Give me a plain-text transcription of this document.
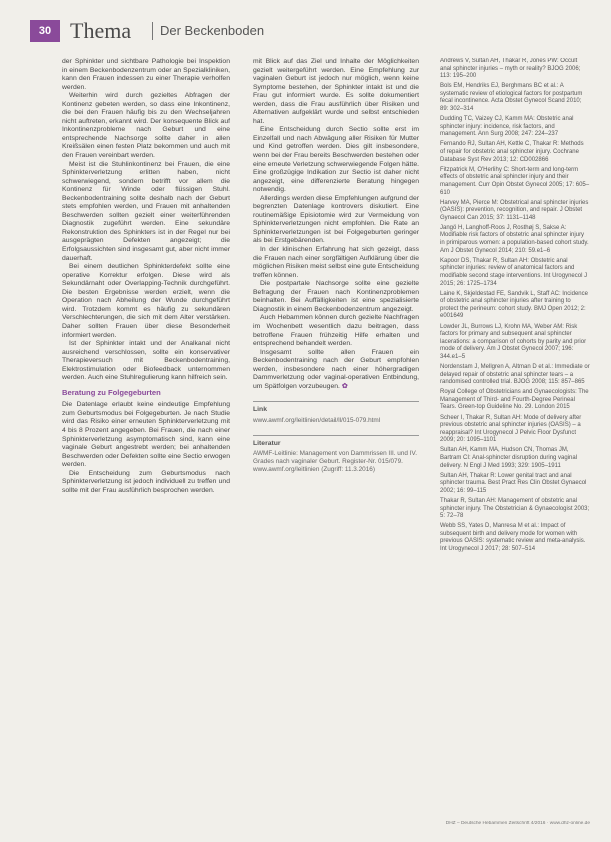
30 Thema Der Beckenboden

der Sphinkter und sichtbare Pathologie bei Inspektion in einem Beckenbodenzentrum oder an Spezialkliniken, kann den Frauen indessen zu einer Therapie verholfen werden.

Weiterhin wird durch gezieltes Abfragen der Kontinenz gebeten werden, so dass eine Inkontinenz, die bei den Frauen häufig bis zu den Wechseljahren nicht auftreten, erkannt wird. Der konsequente Blick auf Inkontinenzprobleme nach Geburt und eine entsprechende Nachsorge sollte daher in allen Kreißsälen einen festen Platz bekommen und auch mit den Frauen vereinbart werden.

Meist ist die Stuhlinkontinenz bei Frauen, die eine Sphinkterverletzung erlitten haben, nicht schwerwiegend, sondern betrifft vor allem die Kontinenz für Winde oder flüssigen Stuhl. Beckenbodentraining sollte deshalb nach der Geburt stets empfohlen werden, und Frauen mit anhaltenden Beschwerden sollten gezielt einer weiterführenden Diagnostik zugeführt werden. Eine sekundäre Rekonstruktion des Sphinkters ist in der Regel nur bei ausgeprägten Defekten angezeigt; die Erfolgsaussichten sind insgesamt gut, aber nicht immer dauerhaft.

Bei einem deutlichen Sphinkterdefekt sollte eine operative Korrektur erfolgen. Diese wird als Sekundärnaht oder Overlapping-Technik durchgeführt. Die besten Ergebnisse werden erzielt, wenn die Operation nach Abheilung der Wunde durchgeführt wird. Trotzdem kommt es häufig zu sekundären Verschlechterungen, die sich mit dem Alter verstärken. Daher sollten Frauen über diese Besonderheit informiert werden.

Ist der Sphinkter intakt und der Analkanal nicht ausreichend verschlossen, sollte ein konservativer Therapieversuch mit Beckenbodentraining, Elektrostimulation oder Biofeedback unternommen werden. Auch eine Stuhlregulierung kann hilfreich sein.

Beratung zu Folgegeburten

Die Datenlage erlaubt keine eindeutige Empfehlung zum Geburtsmodus bei Folgegeburten. Je nach Studie wird das Risiko einer erneuten Sphinkterverletzung mit 4 bis 8 Prozent angegeben. Bei Frauen, die nach einer Sphinkterverletzung asymptomatisch sind, kann eine vaginale Geburt angestrebt werden; bei anhaltenden Beschwerden oder Defekten sollte eine Sectio erwogen werden.

Die Entscheidung zum Geburtsmodus nach Sphinkterverletzung ist jedoch individuell zu treffen und sollte mit der Frau ausführlich besprochen werden.

mit Blick auf das Ziel und Inhalte der Möglichkeiten gezielt weitergeführt werden. Eine Empfehlung zur vaginalen Geburt ist jedoch nur möglich, wenn keine Symptome bestehen, der Sphinkter intakt ist und die Frau gut informiert wurde. Es sollte dokumentiert werden, dass die Frau ausführlich über Risiken und Alternativen aufgeklärt wurde und selbst entschieden hat.

Eine Entscheidung durch Sectio sollte erst im Einzelfall und nach Abwägung aller Risiken für Mutter und Kind getroffen werden. Dies gilt insbesondere, wenn bei der Frau bereits Beschwerden bestehen oder eine erneute Verletzung schwerwiegende Folgen hätte. Eine großzügige Indikation zur Sectio ist daher nicht angezeigt, eine differenzierte Beratung hingegen notwendig.

Allerdings werden diese Empfehlungen aufgrund der begrenzten Datenlage kontrovers diskutiert. Eine routinemäßige Episiotomie wird zur Vermeidung von Sphinkterverletzungen nicht empfohlen. Die Rate an Sphinkterverletzungen ist bei Folgegeburten geringer als bei Erstgebärenden.

In der klinischen Erfahrung hat sich gezeigt, dass die Frauen nach einer sorgfältigen Aufklärung über die möglichen Risiken meist selbst eine gute Entscheidung treffen können.

Die postpartale Nachsorge sollte eine gezielte Befragung der Frauen nach Kontinenzproblemen beinhalten. Bei Auffälligkeiten ist eine spezialisierte Diagnostik in einem Beckenbodenzentrum angezeigt.

Auch Hebammen können durch gezielte Nachfragen im Wochenbett wesentlich dazu beitragen, dass betroffene Frauen frühzeitig Hilfe erhalten und entsprechend behandelt werden.

Insgesamt sollte allen Frauen ein Beckenbodentraining nach der Geburt empfohlen werden, insbesondere nach einer höhergradigen Dammverletzung oder vaginal-operativen Entbindung, um Spätfolgen vorzubeugen. ✿

Link
www.awmf.org/leitlinien/detail/ll/015-079.html
Literatur
AWMF-Leitlinie: Management von Dammrissen III. und IV. Grades nach vaginaler Geburt. Register-Nr. 015/079. www.awmf.org/leitlinien (Zugriff: 11.3.2016)
Andrews V, Sultan AH, Thakar R, Jones PW: Occult anal sphincter injuries – myth or reality? BJOG 2006; 113: 195–200
Bols EM, Hendriks EJ, Berghmans BC et al.: A systematic review of etiological factors for postpartum fecal incontinence. Acta Obstet Gynecol Scand 2010; 89: 302–314
Dudding TC, Vaizey CJ, Kamm MA: Obstetric anal sphincter injury: incidence, risk factors, and management. Ann Surg 2008; 247: 224–237
Fernando RJ, Sultan AH, Kettle C, Thakar R: Methods of repair for obstetric anal sphincter injury. Cochrane Database Syst Rev 2013; 12: CD002866
Fitzpatrick M, O'Herlihy C: Short-term and long-term effects of obstetric anal sphincter injury and their management. Curr Opin Obstet Gynecol 2005; 17: 605–610
Harvey MA, Pierce M: Obstetrical anal sphincter injuries (OASIS): prevention, recognition, and repair. J Obstet Gynaecol Can 2015; 37: 1131–1148
Jangö H, Langhoff-Roos J, Rosthøj S, Sakse A: Modifiable risk factors of obstetric anal sphincter injury in primiparous women: a population-based cohort study. Am J Obstet Gynecol 2014; 210: 59.e1–6
Kapoor DS, Thakar R, Sultan AH: Obstetric anal sphincter injuries: review of anatomical factors and modifiable second stage interventions. Int Urogynecol J 2015; 26: 1725–1734
Laine K, Skjeldestad FE, Sandvik L, Staff AC: Incidence of obstetric anal sphincter injuries after training to protect the perineum: cohort study. BMJ Open 2012; 2: e001649
Lowder JL, Burrows LJ, Krohn MA, Weber AM: Risk factors for primary and subsequent anal sphincter lacerations: a comparison of cohorts by parity and prior mode of delivery. Am J Obstet Gynecol 2007; 196: 344.e1–5
Nordenstam J, Mellgren A, Altman D et al.: Immediate or delayed repair of obstetric anal sphincter tears – a randomised controlled trial. BJOG 2008; 115: 857–865
Royal College of Obstetricians and Gynaecologists: The Management of Third- and Fourth-Degree Perineal Tears. Green-top Guideline No. 29. London 2015
Scheer I, Thakar R, Sultan AH: Mode of delivery after previous obstetric anal sphincter injuries (OASIS) – a reappraisal? Int Urogynecol J Pelvic Floor Dysfunct 2009; 20: 1095–1101
Sultan AH, Kamm MA, Hudson CN, Thomas JM, Bartram CI: Anal-sphincter disruption during vaginal delivery. N Engl J Med 1993; 329: 1905–1911
Sultan AH, Thakar R: Lower genital tract and anal sphincter trauma. Best Pract Res Clin Obstet Gynaecol 2002; 16: 99–115
Thakar R, Sultan AH: Management of obstetric anal sphincter injury. The Obstetrician & Gynaecologist 2003; 5: 72–78
Webb SS, Yates D, Manresa M et al.: Impact of subsequent birth and delivery mode for women with previous OASIS: systematic review and meta-analysis. Int Urogynecol J 2017; 28: 507–514
DHZ – Deutsche Hebammen Zeitschrift 4/2016 · www.dhz-online.de
